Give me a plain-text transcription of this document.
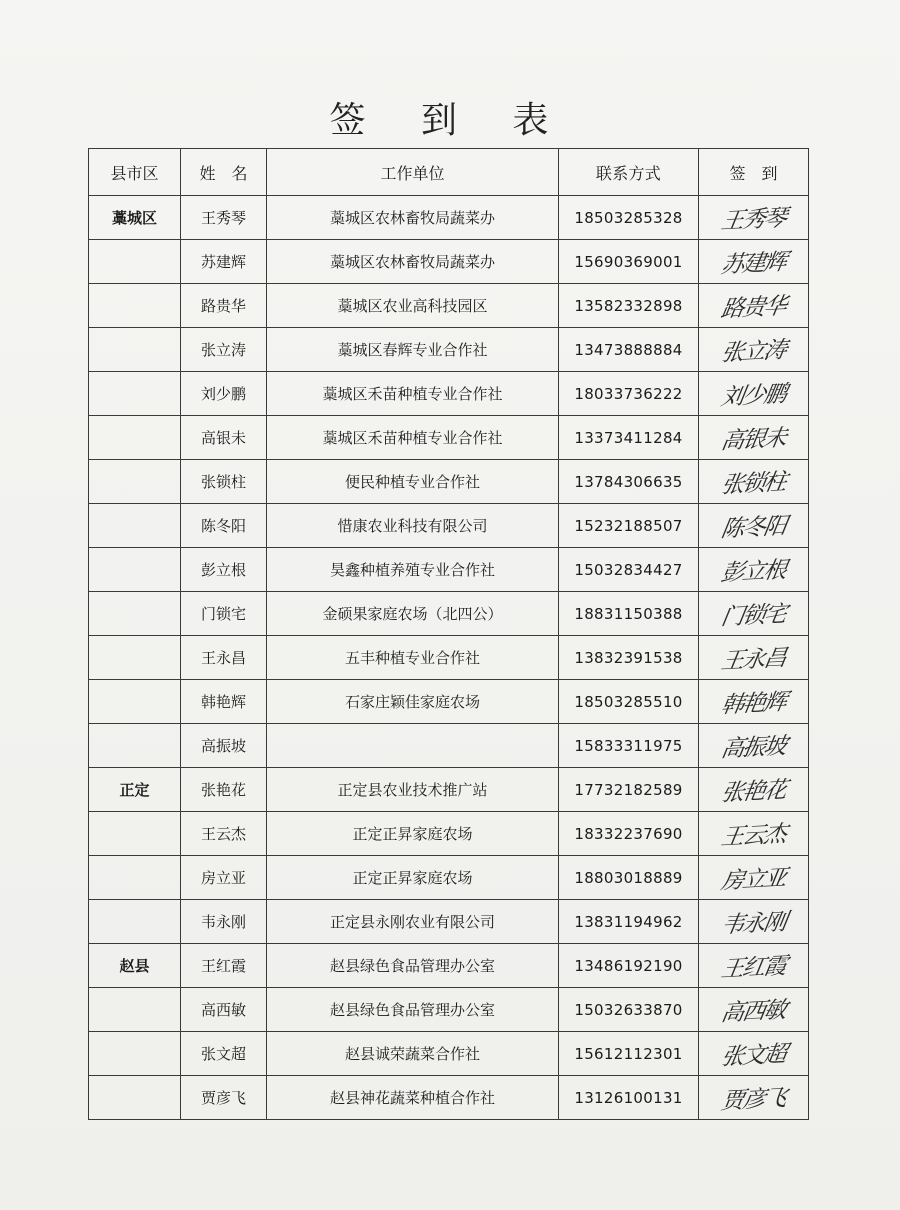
签 到 表
县市区	姓　名	工作单位	联系方式	签　到
藁城区	王秀琴	藁城区农林畜牧局蔬菜办	18503285328	王秀琴
	苏建辉	藁城区农林畜牧局蔬菜办	15690369001	苏建辉
	路贵华	藁城区农业高科技园区	13582332898	路贵华
	张立涛	藁城区春辉专业合作社	13473888884	张立涛
	刘少鹏	藁城区禾苗种植专业合作社	18033736222	刘少鹏
	高银未	藁城区禾苗种植专业合作社	13373411284	高银未
	张锁柱	便民种植专业合作社	13784306635	张锁柱
	陈冬阳	惜康农业科技有限公司	15232188507	陈冬阳
	彭立根	昊鑫种植养殖专业合作社	15032834427	彭立根
	门锁宅	金硕果家庭农场（北四公）	18831150388	门锁宅
	王永昌	五丰种植专业合作社	13832391538	王永昌
	韩艳辉	石家庄颖佳家庭农场	18503285510	韩艳辉
	高振坡		15833311975	高振坡
正定	张艳花	正定县农业技术推广站	17732182589	张艳花
	王云杰	正定正昇家庭农场	18332237690	王云杰
	房立亚	正定正昇家庭农场	18803018889	房立亚
	韦永刚	正定县永刚农业有限公司	13831194962	韦永刚
赵县	王红霞	赵县绿色食品管理办公室	13486192190	王红霞
	高西敏	赵县绿色食品管理办公室	15032633870	高西敏
	张文超	赵县诚荣蔬菜合作社	15612112301	张文超
	贾彦飞	赵县神花蔬菜种植合作社	13126100131	贾彦飞
